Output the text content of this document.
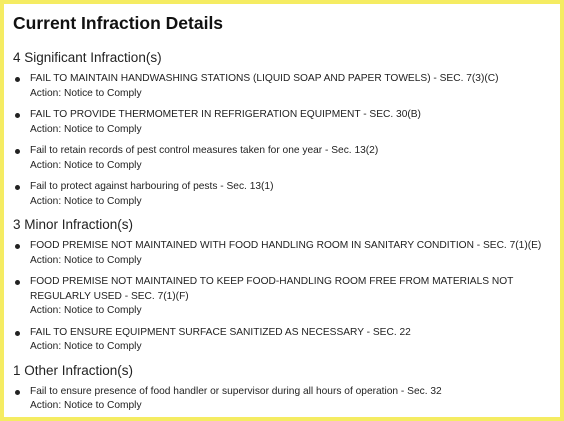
Current Infraction Details
4 Significant Infraction(s)
FAIL TO MAINTAIN HANDWASHING STATIONS (LIQUID SOAP AND PAPER TOWELS) - SEC. 7(3)(C)
Action: Notice to Comply
FAIL TO PROVIDE THERMOMETER IN REFRIGERATION EQUIPMENT - SEC. 30(B)
Action: Notice to Comply
Fail to retain records of pest control measures taken for one year - Sec. 13(2)
Action: Notice to Comply
Fail to protect against harbouring of pests - Sec. 13(1)
Action: Notice to Comply
3 Minor Infraction(s)
FOOD PREMISE NOT MAINTAINED WITH FOOD HANDLING ROOM IN SANITARY CONDITION - SEC. 7(1)(E)
Action: Notice to Comply
FOOD PREMISE NOT MAINTAINED TO KEEP FOOD-HANDLING ROOM FREE FROM MATERIALS NOT REGULARLY USED - SEC. 7(1)(F)
Action: Notice to Comply
FAIL TO ENSURE EQUIPMENT SURFACE SANITIZED AS NECESSARY - SEC. 22
Action: Notice to Comply
1 Other Infraction(s)
Fail to ensure presence of food handler or supervisor during all hours of operation - Sec. 32
Action: Notice to Comply
